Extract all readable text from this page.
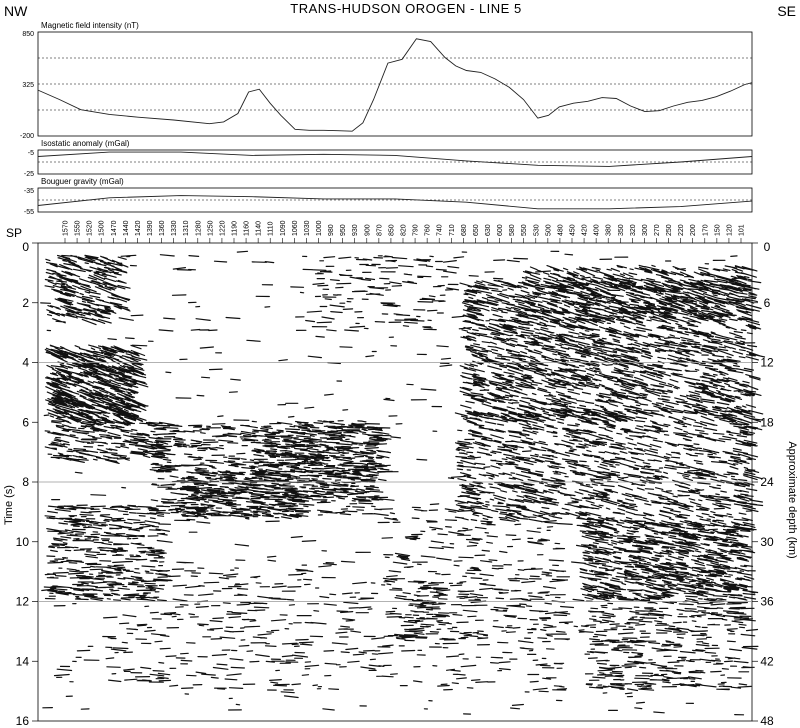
TRANS-HUDSON OROGEN - LINE 5
NW	SE
Magnetic field intensity (nT)
850
325
-200
Isostatic anomaly (mGal)
-5
-25
Bouguer gravity (mGal)
-35
-55
SP	1570 1550 1520 1500 1470 1440 1420 1390 1360 1330 1310 1280 1250 1220 1190 1160 1140 1110 1090 1060 1030 1000 980 950 930 900 870 850 820 790 760 740 710 680 650 630 600 580 550 530 500 480 450 420 400 380 350 320 300 270 250 220 200 170 150 120 101
0
2
4
6
8
10
12
14
16
0
6
12
18
24
30
36
42
48
Time (s)	Approximate depth (km)
